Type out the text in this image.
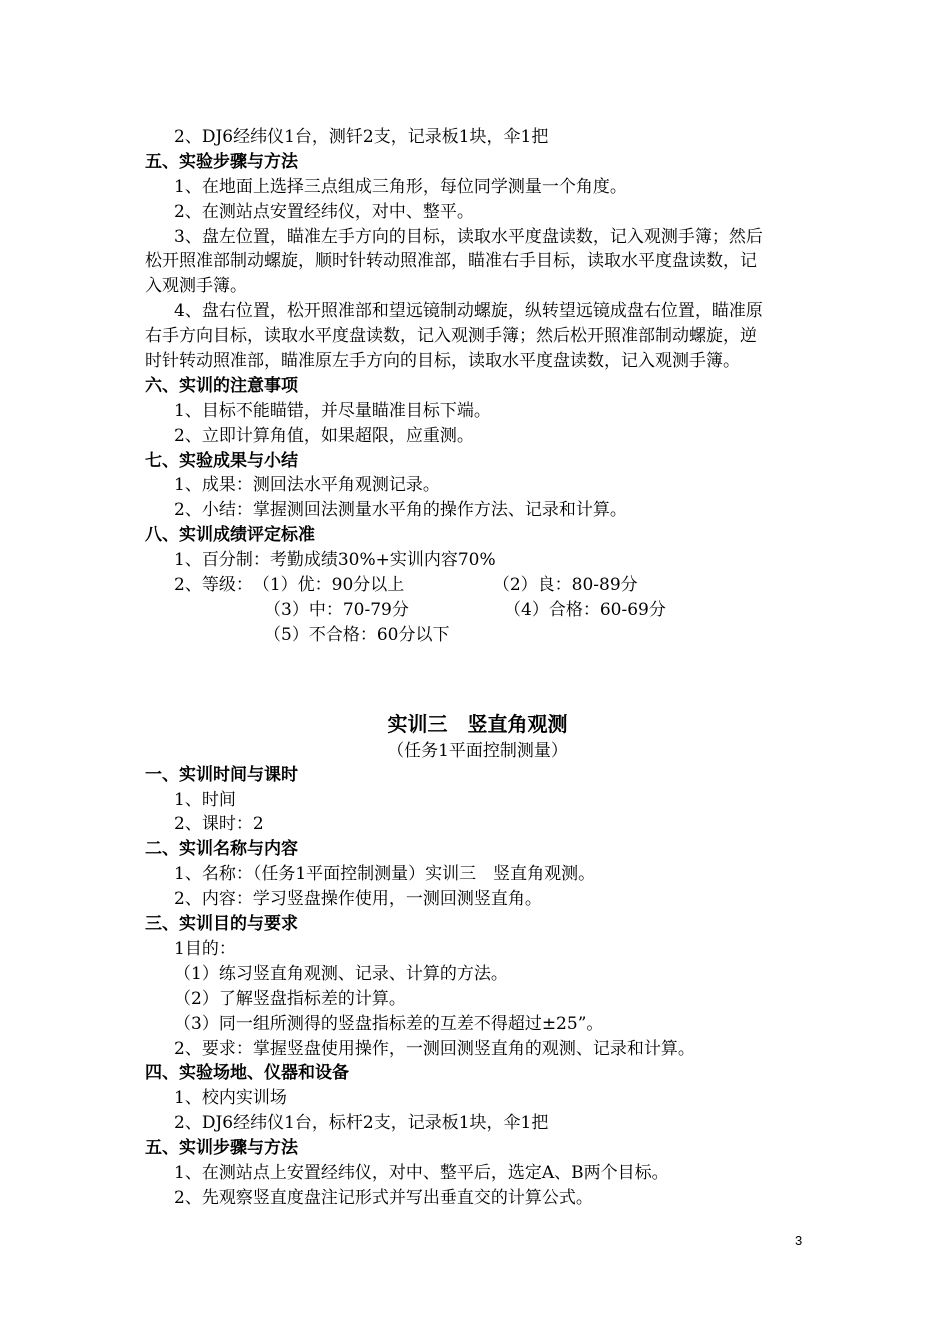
2、DJ6经纬仪1台，测钎2支，记录板1块，伞1把
五、实验步骤与方法
1、在地面上选择三点组成三角形，每位同学测量一个角度。
2、在测站点安置经纬仪，对中、整平。
3、盘左位置，瞄准左手方向的目标，读取水平度盘读数，记入观测手簿；然后
松开照准部制动螺旋，顺时针转动照准部，瞄准右手目标，读取水平度盘读数，记
入观测手簿。
4、盘右位置，松开照准部和望远镜制动螺旋，纵转望远镜成盘右位置，瞄准原
右手方向目标，读取水平度盘读数，记入观测手簿；然后松开照准部制动螺旋，逆
时针转动照准部，瞄准原左手方向的目标，读取水平度盘读数，记入观测手簿。
六、实训的注意事项
1、目标不能瞄错，并尽量瞄准目标下端。
2、立即计算角值，如果超限，应重测。
七、实验成果与小结
1、成果：测回法水平角观测记录。
2、小结：掌握测回法测量水平角的操作方法、记录和计算。
八、实训成绩评定标准
1、百分制：考勤成绩30%+实训内容70%
2、等级： （1）优：90分以上	（2）良：80-89分
（3）中：70-79分	（4）合格：60-69分
（5）不合格：60分以下
实训三　竖直角观测
（任务1平面控制测量）
一、实训时间与课时
1、时间
2、课时：2
二、实训名称与内容
1、名称：（任务1平面控制测量）实训三　竖直角观测。
2、内容：学习竖盘操作使用，一测回测竖直角。
三、实训目的与要求
1目的：
（1）练习竖直角观测、记录、计算的方法。
（2）了解竖盘指标差的计算。
（3）同一组所测得的竖盘指标差的互差不得超过±25”。
2、要求：掌握竖盘使用操作，一测回测竖直角的观测、记录和计算。
四、实验场地、仪器和设备
1、校内实训场
2、DJ6经纬仪1台，标杆2支，记录板1块，伞1把
五、实训步骤与方法
1、在测站点上安置经纬仪，对中、整平后，选定A、B两个目标。
2、先观察竖直度盘注记形式并写出垂直交的计算公式。
3
